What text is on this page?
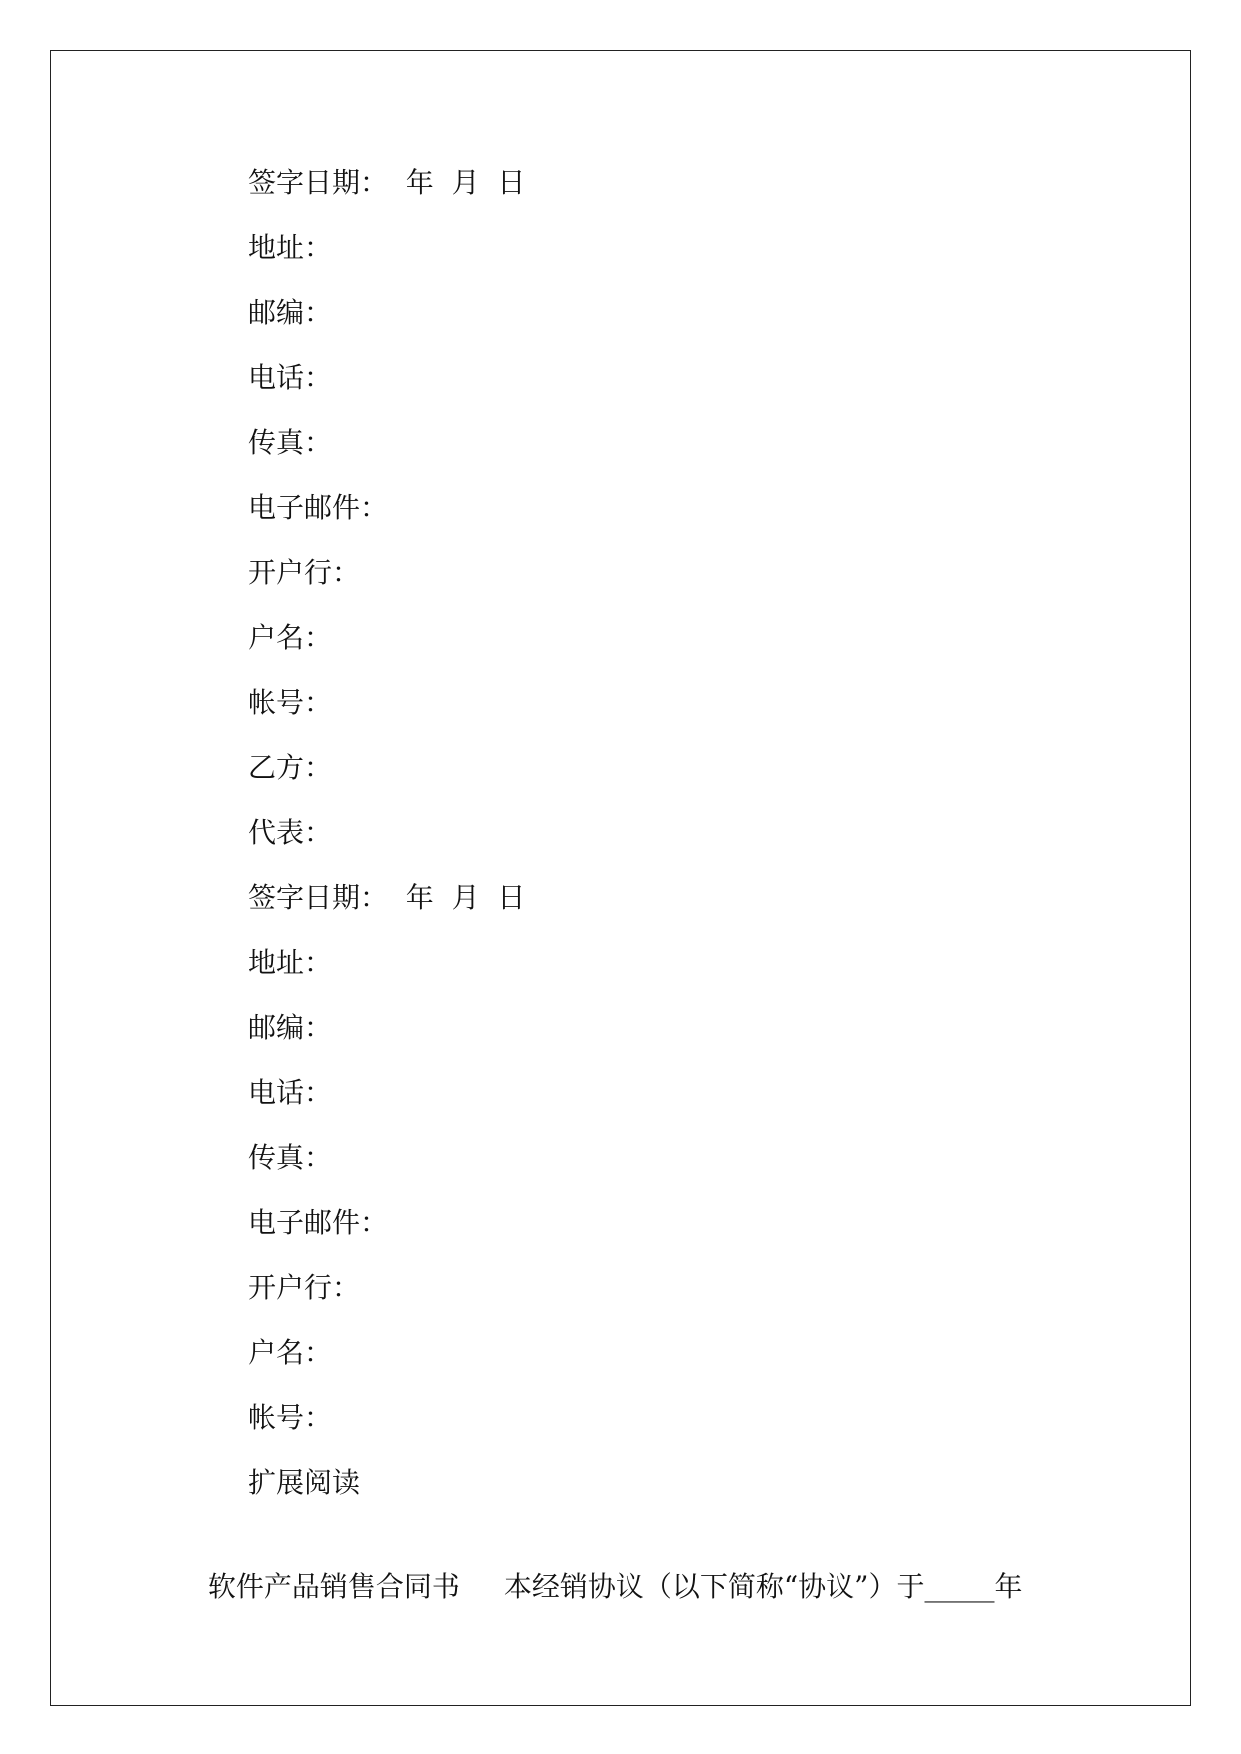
签字日期：  年  月  日
地址：
邮编：
电话：
传真：
电子邮件：
开户行：
户名：
帐号：
乙方：
代表：
签字日期：  年  月  日
地址：
邮编：
电话：
传真：
电子邮件：
开户行：
户名：
帐号：
扩展阅读

软件产品销售合同书 本经销协议（以下简称“协议”）于_____年
